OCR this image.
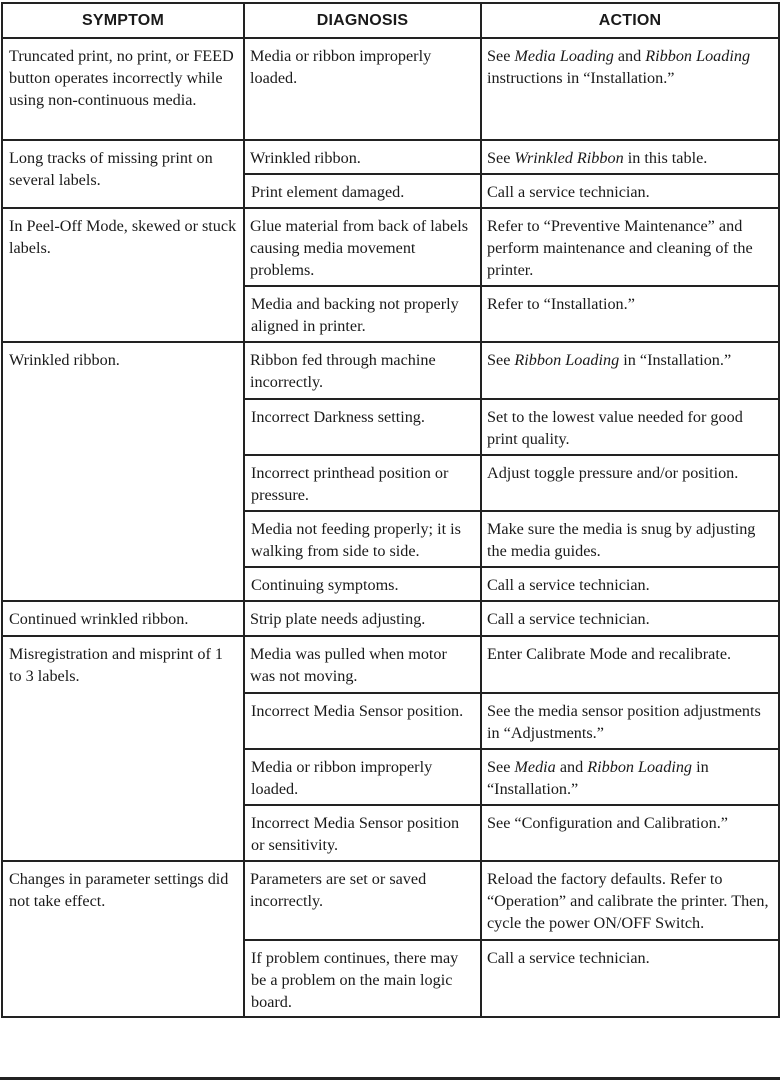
SYMPTOM	DIAGNOSIS	ACTION
Truncated print, no print, or FEED button operates incorrectly while using non-continuous media.	Media or ribbon improperly loaded.	See Media Loading and Ribbon Loading instructions in “Installation.”
Long tracks of missing print on several labels.	Wrinkled ribbon.	See Wrinkled Ribbon in this table.
	Print element damaged.	Call a service technician.
In Peel-Off Mode, skewed or stuck labels.	Glue material from back of labels causing media movement problems.	Refer to “Preventive Maintenance” and perform maintenance and cleaning of the printer.
	Media and backing not properly aligned in printer.	Refer to “Installation.”
Wrinkled ribbon.	Ribbon fed through machine incorrectly.	See Ribbon Loading in “Installation.”
	Incorrect Darkness setting.	Set to the lowest value needed for good print quality.
	Incorrect printhead position or pressure.	Adjust toggle pressure and/or position.
	Media not feeding properly; it is walking from side to side.	Make sure the media is snug by adjusting the media guides.
	Continuing symptoms.	Call a service technician.
Continued wrinkled ribbon.	Strip plate needs adjusting.	Call a service technician.
Misregistration and misprint of 1 to 3 labels.	Media was pulled when motor was not moving.	Enter Calibrate Mode and recalibrate.
	Incorrect Media Sensor position.	See the media sensor position adjustments in “Adjustments.”
	Media or ribbon improperly loaded.	See Media and Ribbon Loading in “Installation.”
	Incorrect Media Sensor position or sensitivity.	See “Configuration and Calibration.”
Changes in parameter settings did not take effect.	Parameters are set or saved incorrectly.	Reload the factory defaults. Refer to “Operation” and calibrate the printer. Then, cycle the power ON/OFF Switch.
	If problem continues, there may be a problem on the main logic board.	Call a service technician.
